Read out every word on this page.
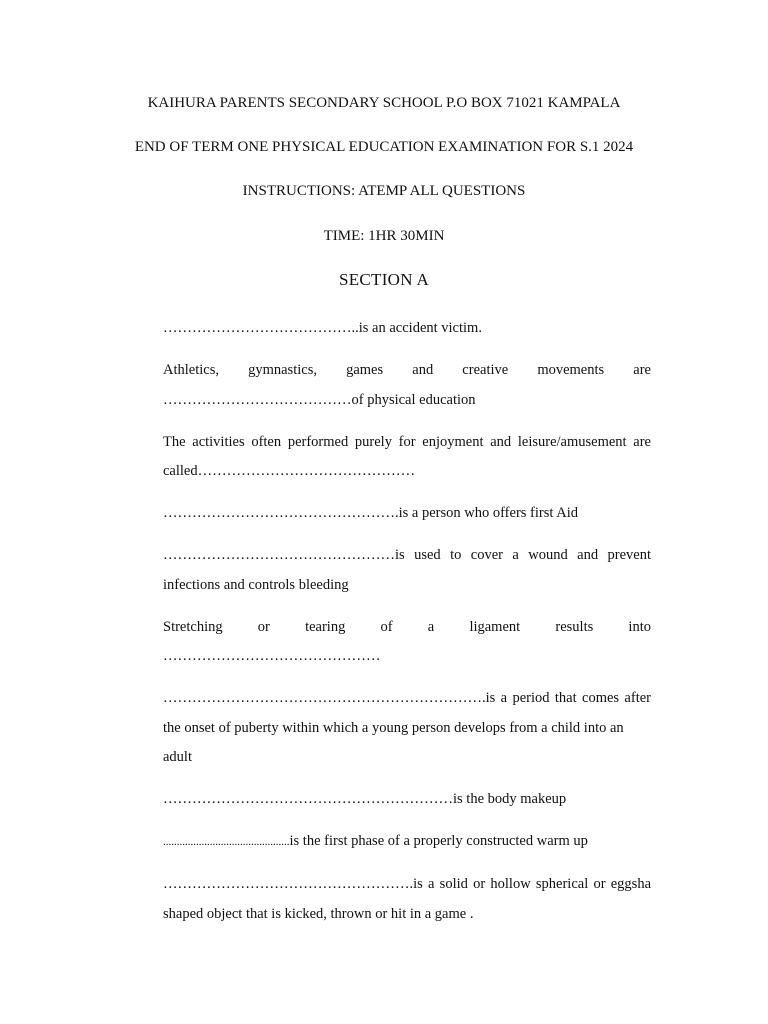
KAIHURA PARENTS SECONDARY SCHOOL P.O BOX 71021 KAMPALA
END OF TERM ONE PHYSICAL EDUCATION EXAMINATION FOR S.1 2024
INSTRUCTIONS: ATEMP ALL QUESTIONS
TIME: 1HR 30MIN
SECTION A
…………………………………..is an accident victim.
Athletics, gymnastics, games and creative movements are
…………………………………of physical education
The activities often performed purely for enjoyment and leisure/amusement are
called………………………………………
………………………………………….is a person who offers first Aid
…………………………………………is used to cover a wound and prevent
infections and controls bleeding
Stretching or tearing of a ligament results into ………………………………………
………………………………………………………….is a period that comes after
the onset of puberty within which a young person develops from a child into an adult
……………………………………………………is the body makeup
..............................................is the first phase of a properly constructed warm up
…………………………………………….is a solid or hollow spherical or eggsha
shaped object that is kicked, thrown or hit in a game .
